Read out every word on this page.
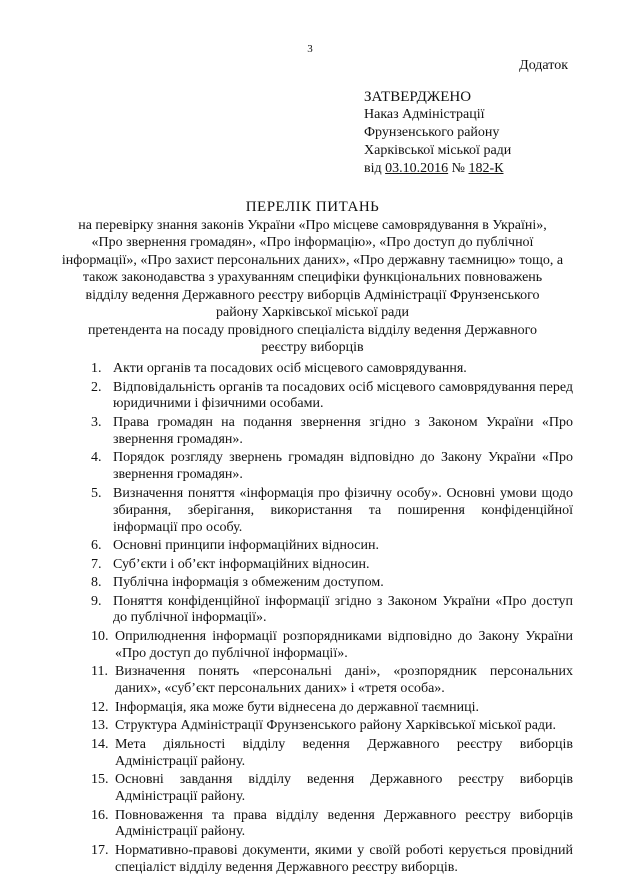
3
Додаток
ЗАТВЕРДЖЕНО
Наказ Адміністрації
Фрунзенського району
Харківської міської ради
від 03.10.2016 № 182-К
ПЕРЕЛІК ПИТАНЬ
на перевірку знання законів України «Про місцеве самоврядування в Україні»,
«Про звернення громадян», «Про інформацію», «Про доступ до публічної
інформації», «Про захист персональних даних», «Про державну таємницю» тощо, а
також законодавства з урахуванням специфіки функціональних повноважень
відділу ведення Державного реєстру виборців Адміністрації Фрунзенського
району Харківської міської ради
претендента на посаду провідного спеціаліста відділу ведення Державного
реєстру виборців
1. Акти органів та посадових осіб місцевого самоврядування.
2. Відповідальність органів та посадових осіб місцевого самоврядування перед юридичними і фізичними особами.
3. Права громадян на подання звернення згідно з Законом України «Про звернення громадян».
4. Порядок розгляду звернень громадян відповідно до Закону України «Про звернення громадян».
5. Визначення поняття «інформація про фізичну особу». Основні умови щодо збирання, зберігання, використання та поширення конфіденційної інформації про особу.
6. Основні принципи інформаційних відносин.
7. Суб’єкти і об’єкт інформаційних відносин.
8. Публічна інформація з обмеженим доступом.
9. Поняття конфіденційної інформації згідно з Законом України «Про доступ до публічної інформації».
10. Оприлюднення інформації розпорядниками відповідно до Закону України «Про доступ до публічної інформації».
11. Визначення понять «персональні дані», «розпорядник персональних даних», «суб’єкт персональних даних» і «третя особа».
12. Інформація, яка може бути віднесена до державної таємниці.
13. Структура Адміністрації Фрунзенського району Харківської міської ради.
14. Мета діяльності відділу ведення Державного реєстру виборців Адміністрації району.
15. Основні завдання відділу ведення Державного реєстру виборців Адміністрації району.
16. Повноваження та права відділу ведення Державного реєстру виборців Адміністрації району.
17. Нормативно-правові документи, якими у своїй роботі керується провідний спеціаліст відділу ведення Державного реєстру виборців.
